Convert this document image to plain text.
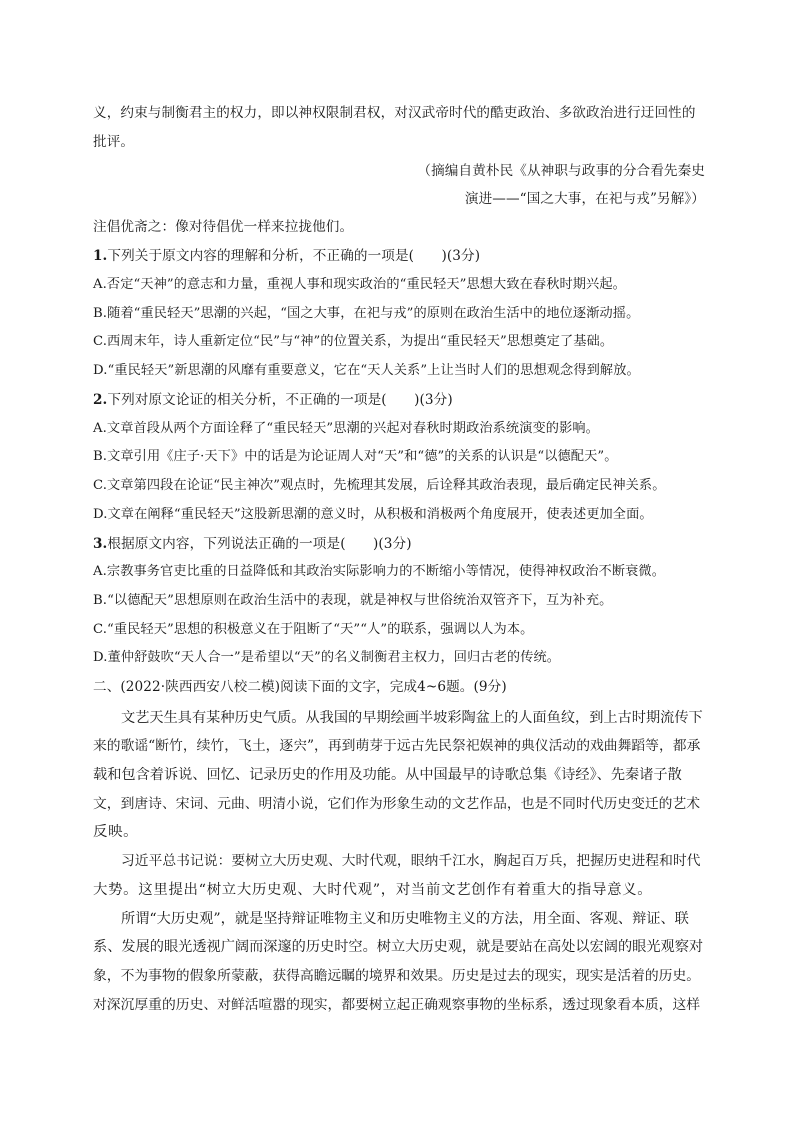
义，约束与制衡君主的权力，即以神权限制君权，对汉武帝时代的酷吏政治、多欲政治进行迂回性的
批评。
（摘编自黄朴民《从神职与政事的分合看先秦史
演进——“国之大事，在祀与戎”另解》）
注倡优斋之：像对待倡优一样来拉拢他们。
1.下列关于原文内容的理解和分析，不正确的一项是(　　)(3分)
A.否定“天神”的意志和力量，重视人事和现实政治的“重民轻天”思想大致在春秋时期兴起。
B.随着“重民轻天”思潮的兴起，“国之大事，在祀与戎”的原则在政治生活中的地位逐渐动摇。
C.西周末年，诗人重新定位“民”与“神”的位置关系，为提出“重民轻天”思想奠定了基础。
D.“重民轻天”新思潮的风靡有重要意义，它在“天人关系”上让当时人们的思想观念得到解放。
2.下列对原文论证的相关分析，不正确的一项是(　　)(3分)
A.文章首段从两个方面诠释了“重民轻天”思潮的兴起对春秋时期政治系统演变的影响。
B.文章引用《庄子·天下》中的话是为论证周人对“天”和“德”的关系的认识是“以德配天”。
C.文章第四段在论证“民主神次”观点时，先梳理其发展，后诠释其政治表现，最后确定民神关系。
D.文章在阐释“重民轻天”这股新思潮的意义时，从积极和消极两个角度展开，使表述更加全面。
3.根据原文内容，下列说法正确的一项是(　　)(3分)
A.宗教事务官吏比重的日益降低和其政治实际影响力的不断缩小等情况，使得神权政治不断衰微。
B.“以德配天”思想原则在政治生活中的表现，就是神权与世俗统治双管齐下，互为补充。
C.“重民轻天”思想的积极意义在于阻断了“天”“人”的联系，强调以人为本。
D.董仲舒鼓吹“天人合一”是希望以“天”的名义制衡君主权力，回归古老的传统。
二、(2022·陕西西安八校二模)阅读下面的文字，完成4~6题。(9分)
文艺天生具有某种历史气质。从我国的早期绘画半坡彩陶盆上的人面鱼纹，到上古时期流传下
来的歌谣“断竹，续竹，飞土，逐宍”，再到萌芽于远古先民祭祀娱神的典仪活动的戏曲舞蹈等，都承
载和包含着诉说、回忆、记录历史的作用及功能。从中国最早的诗歌总集《诗经》、先秦诸子散
文，到唐诗、宋词、元曲、明清小说，它们作为形象生动的文艺作品，也是不同时代历史变迁的艺术
反映。
习近平总书记说：要树立大历史观、大时代观，眼纳千江水，胸起百万兵，把握历史进程和时代
大势。这里提出“树立大历史观、大时代观”，对当前文艺创作有着重大的指导意义。
所谓“大历史观”，就是坚持辩证唯物主义和历史唯物主义的方法，用全面、客观、辩证、联
系、发展的眼光透视广阔而深邃的历史时空。树立大历史观，就是要站在高处以宏阔的眼光观察对
象，不为事物的假象所蒙蔽，获得高瞻远瞩的境界和效果。历史是过去的现实，现实是活着的历史。
对深沉厚重的历史、对鲜活喧嚣的现实，都要树立起正确观察事物的坐标系，透过现象看本质，这样
